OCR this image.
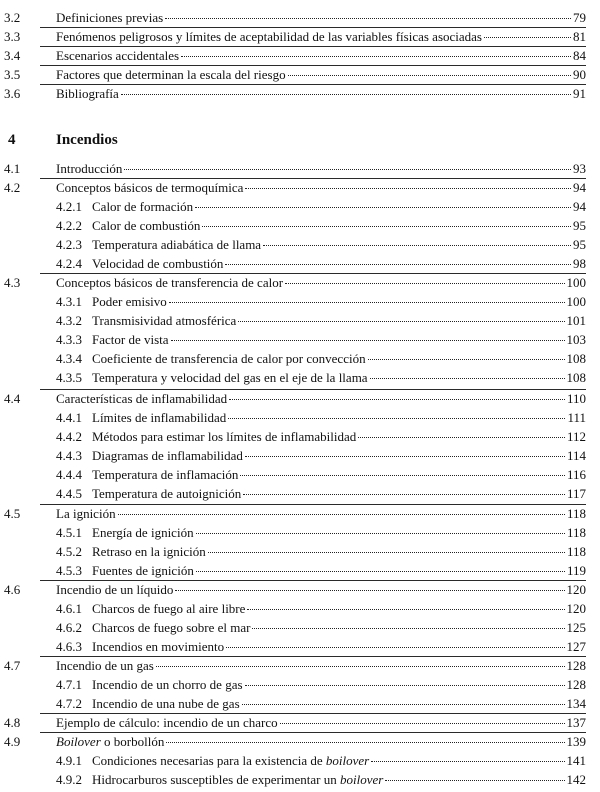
3.2	Definiciones previas	79
3.3	Fenómenos peligrosos y límites de aceptabilidad de las variables físicas asociadas	81
3.4	Escenarios accidentales	84
3.5	Factores que determinan la escala del riesgo	90
3.6	Bibliografía	91
4	Incendios
4.1	Introducción	93
4.2	Conceptos básicos de termoquímica	94
4.2.1 Calor de formación	94
4.2.2 Calor de combustión	95
4.2.3 Temperatura adiabática de llama	95
4.2.4 Velocidad de combustión	98
4.3	Conceptos básicos de transferencia de calor	100
4.3.1 Poder emisivo	100
4.3.2 Transmisividad atmosférica	101
4.3.3 Factor de vista	103
4.3.4 Coeficiente de transferencia de calor por convección	108
4.3.5 Temperatura y velocidad del gas en el eje de la llama	108
4.4	Características de inflamabilidad	110
4.4.1 Límites de inflamabilidad	111
4.4.2 Métodos para estimar los límites de inflamabilidad	112
4.4.3 Diagramas de inflamabilidad	114
4.4.4 Temperatura de inflamación	116
4.4.5 Temperatura de autoignición	117
4.5	La ignición	118
4.5.1 Energía de ignición	118
4.5.2 Retraso en la ignición	118
4.5.3 Fuentes de ignición	119
4.6	Incendio de un líquido	120
4.6.1 Charcos de fuego al aire libre	120
4.6.2 Charcos de fuego sobre el mar	125
4.6.3 Incendios en movimiento	127
4.7	Incendio de un gas	128
4.7.1 Incendio de un chorro de gas	128
4.7.2 Incendio de una nube de gas	134
4.8	Ejemplo de cálculo: incendio de un charco	137
4.9	Boilover o borbollón	139
4.9.1 Condiciones necesarias para la existencia de boilover	141
4.9.2 Hidrocarburos susceptibles de experimentar un boilover	142
